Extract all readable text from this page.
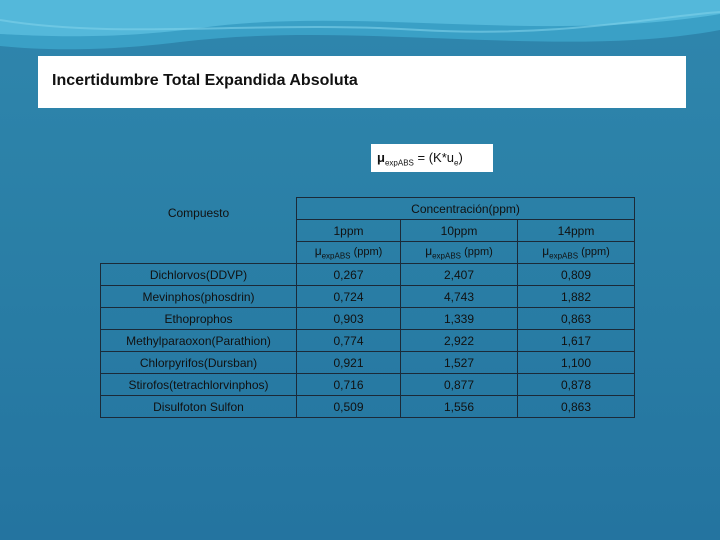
Incertidumbre Total Expandida Absoluta
$\mu_{expABS} = (K*u_e)$
Compuesto	Concentración(ppm)		
	1ppm	10ppm	14ppm
	$\mu_{expABS}$ (ppm)	$\mu_{expABS}$ (ppm)	$\mu_{expABS}$ (ppm)
Dichlorvos(DDVP)	0,267	2,407	0,809
Mevinphos(phosdrin)	0,724	4,743	1,882
Ethoprophos	0,903	1,339	0,863
Methylparaoxon(Parathion)	0,774	2,922	1,617
Chlorpyrifos(Dursban)	0,921	1,527	1,100
Stirofos(tetrachlorvinphos)	0,716	0,877	0,878
Disulfoton Sulfon	0,509	1,556	0,863
